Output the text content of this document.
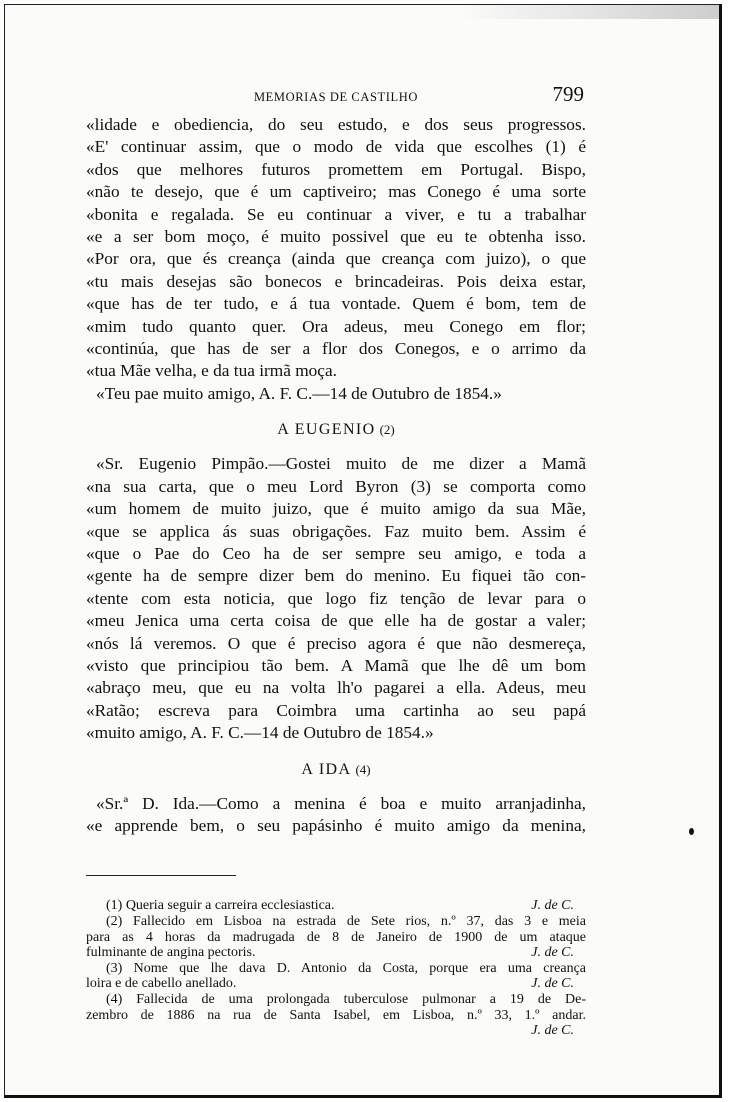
MEMORIAS DE CASTILHO	799
«lidade e obediencia, do seu estudo, e dos seus progressos.
«E' continuar assim, que o modo de vida que escolhes (1) é
«dos que melhores futuros promettem em Portugal. Bispo,
«não te desejo, que é um captiveiro; mas Conego é uma sorte
«bonita e regalada. Se eu continuar a viver, e tu a trabalhar
«e a ser bom moço, é muito possivel que eu te obtenha isso.
«Por ora, que és creança (ainda que creança com juizo), o que
«tu mais desejas são bonecos e brincadeiras. Pois deixa estar,
«que has de ter tudo, e á tua vontade. Quem é bom, tem de
«mim tudo quanto quer. Ora adeus, meu Conego em flor;
«continúa, que has de ser a flor dos Conegos, e o arrimo da
«tua Mãe velha, e da tua irmã moça.
«Teu pae muito amigo, A. F. C.—14 de Outubro de 1854.»
A EUGENIO (2)
«Sr. Eugenio Pimpão.—Gostei muito de me dizer a Mamã
«na sua carta, que o meu Lord Byron (3) se comporta como
«um homem de muito juizo, que é muito amigo da sua Mãe,
«que se applica ás suas obrigações. Faz muito bem. Assim é
«que o Pae do Ceo ha de ser sempre seu amigo, e toda a
«gente ha de sempre dizer bem do menino. Eu fiquei tão con-
«tente com esta noticia, que logo fiz tenção de levar para o
«meu Jenica uma certa coisa de que elle ha de gostar a valer;
«nós lá veremos. O que é preciso agora é que não desmereça,
«visto que principiou tão bem. A Mamã que lhe dê um bom
«abraço meu, que eu na volta lh'o pagarei a ella. Adeus, meu
«Ratão; escreva para Coimbra uma cartinha ao seu papá
«muito amigo, A. F. C.—14 de Outubro de 1854.»
A IDA (4)
«Sr.ª D. Ida.—Como a menina é boa e muito arranjadinha,
«e apprende bem, o seu papásinho é muito amigo da menina,
(1) Queria seguir a carreira ecclesiastica.	J. de C.
(2) Fallecido em Lisboa na estrada de Sete rios, n.º 37, das 3 e meia
para as 4 horas da madrugada de 8 de Janeiro de 1900 de um ataque
fulminante de angina pectoris.	J. de C.
(3) Nome que lhe dava D. Antonio da Costa, porque era uma creança
loira e de cabello anellado.	J. de C.
(4) Fallecida de uma prolongada tuberculose pulmonar a 19 de De-
zembro de 1886 na rua de Santa Isabel, em Lisboa, n.º 33, 1.º andar.
J. de C.
